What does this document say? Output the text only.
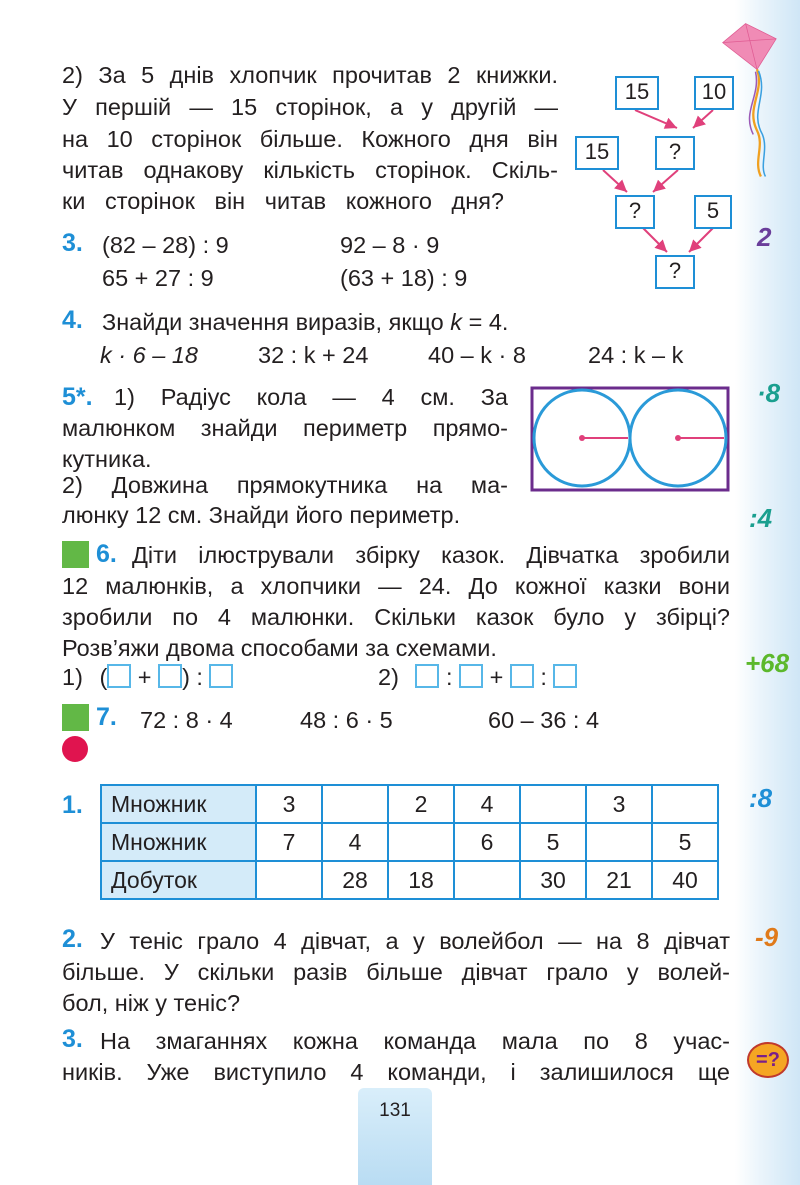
2
·8
:4
+68
:8
-9
=?
2) За 5 днів хлопчик прочитав 2 книжки.
У першій — 15 сторінок, а у другій —
на 10 сторінок більше. Кожного дня він
читав однакову кількість сторінок. Скіль-
ки сторінок він читав кожного дня?
15	10
15	?
?	5
?
3. (82 – 28) : 9	92 – 8 · 9
65 + 27 : 9	(63 + 18) : 9
4. Знайди значення виразів, якщо k = 4.
k · 6 – 18	32 : k + 24	40 – k · 8	24 : k – k
5*. 1) Радіус кола — 4 см. За
малюнком знайди периметр прямо-
кутника.
2) Довжина прямокутника на ма-
люнку 12 см. Знайди його периметр.
6. Діти ілюстрували збірку казок. Дівчатка зробили
12 малюнків, а хлопчики — 24. До кожної казки вони
зробили по 4 малюнки. Скільки казок було у збірці?
Розв’яжи двома способами за схемами.
1) ( + ) :	2) : + :
7. 72 : 8 · 4	48 : 6 · 5	60 – 36 : 4
1. Множник	3		2	4		3	
Множник	7	4		6	5		5
Добуток		28	18		30	21	40
2. У теніс грало 4 дівчат, а у волейбол — на 8 дівчат
більше. У скільки разів більше дівчат грало у волей-
бол, ніж у теніс?
3. На змаганнях кожна команда мала по 8 учас-
ників. Уже виступило 4 команди, і залишилося ще
131
